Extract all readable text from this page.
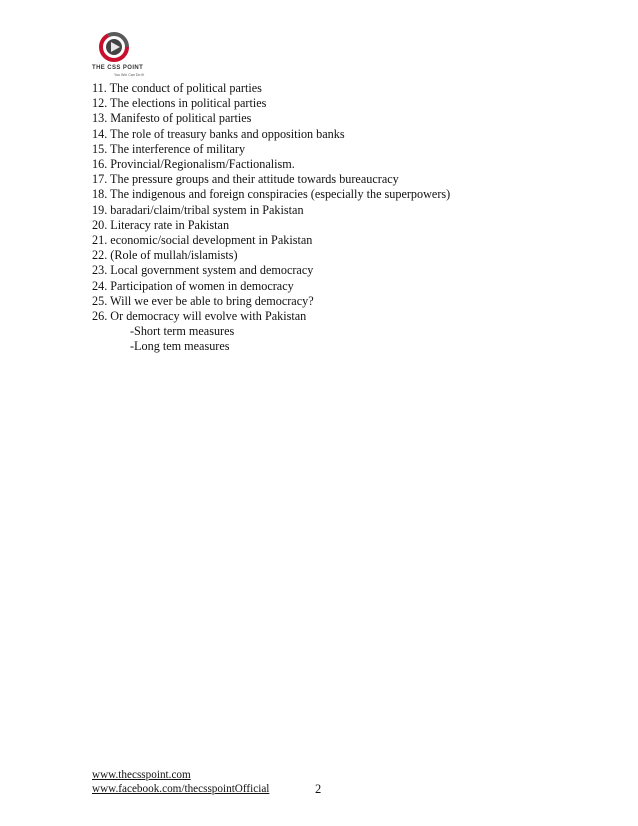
THE CSS POINT
You Win Can Do It!
11. The conduct of political parties
12. The elections in political parties
13. Manifesto of political parties
14. The role of treasury banks and opposition banks
15. The interference of military
16. Provincial/Regionalism/Factionalism.
17. The pressure groups and their attitude towards bureaucracy
18. The indigenous and foreign conspiracies (especially the superpowers)
19. baradari/claim/tribal system in Pakistan
20. Literacy rate in Pakistan
21. economic/social development in Pakistan
22. (Role of mullah/islamists)
23. Local government system and democracy
24. Participation of women in democracy
25. Will we ever be able to bring democracy?
26. Or democracy will evolve with Pakistan
-Short term measures
-Long tem measures
www.thecsspoint.com
www.facebook.com/thecsspointOfficial	2
